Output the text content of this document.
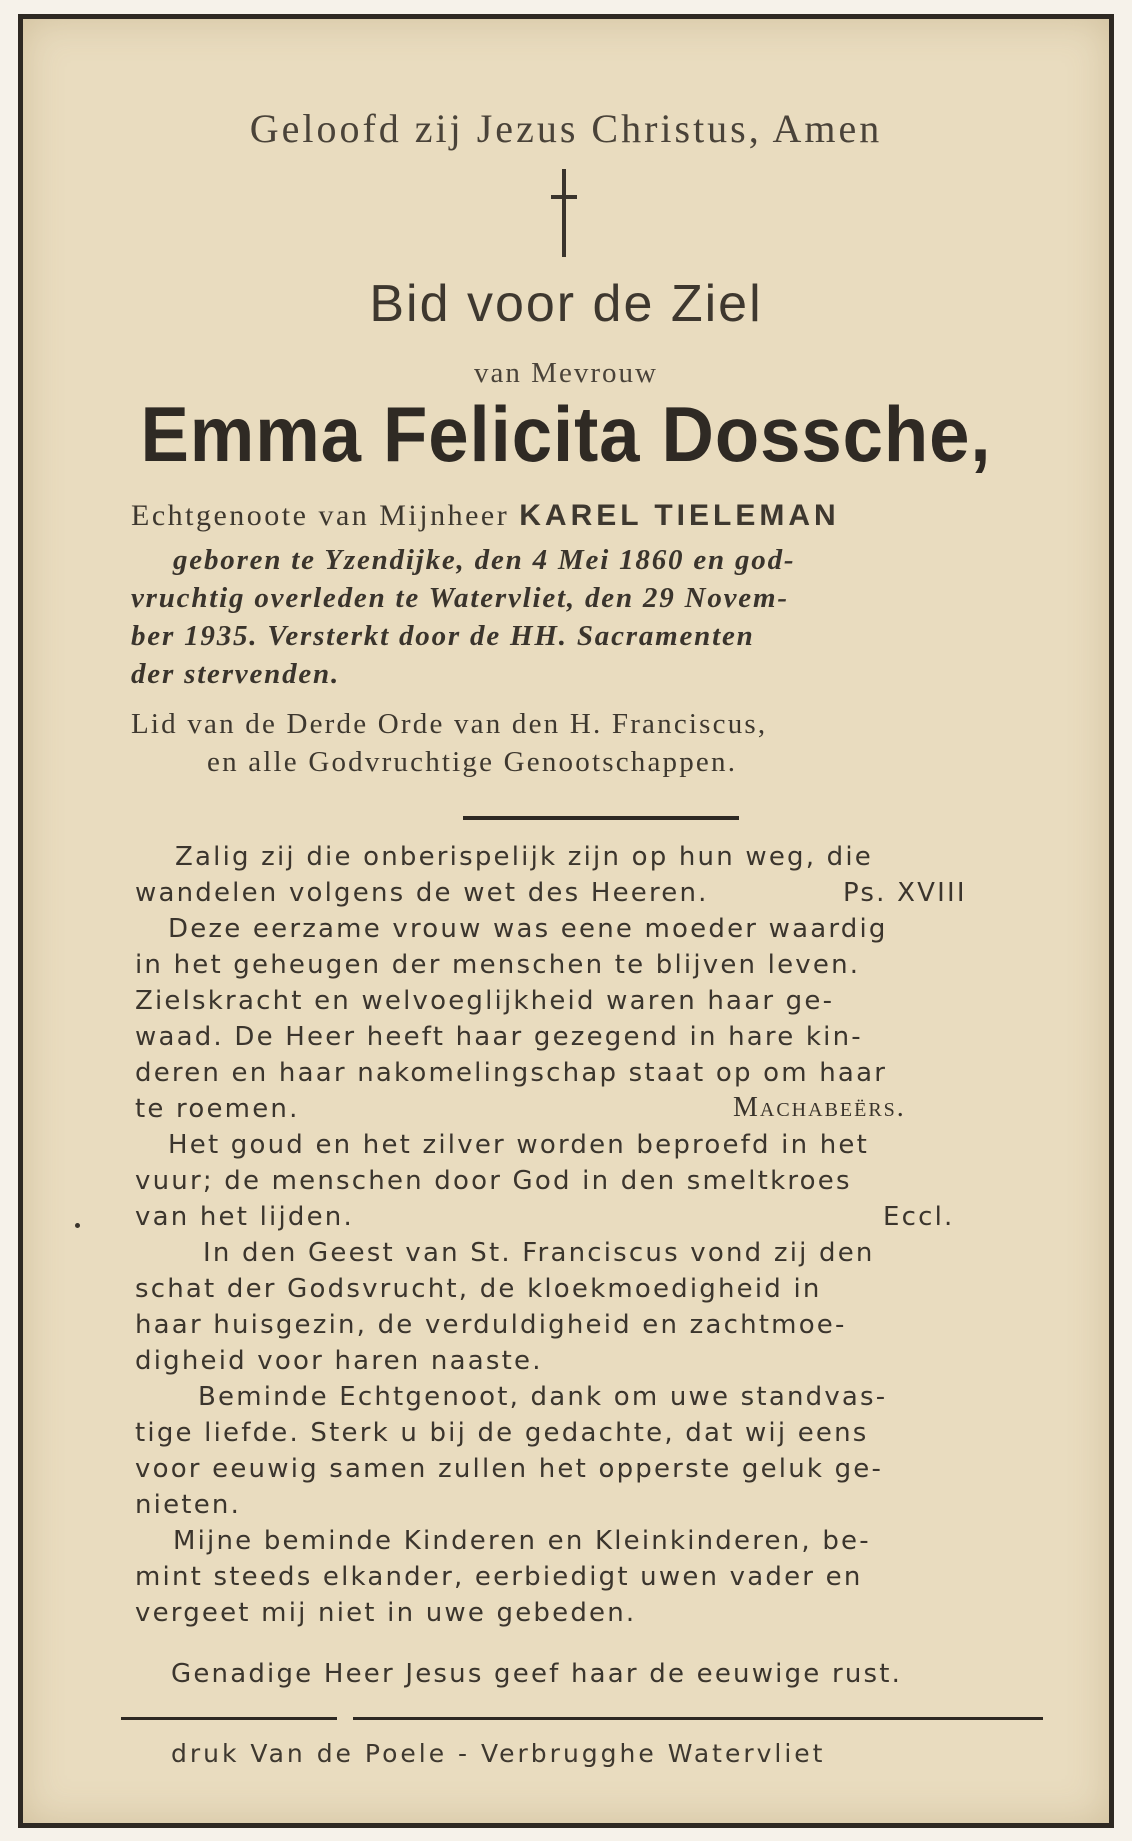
Geloofd zij Jezus Christus, Amen
Bid voor de Ziel
van Mevrouw
Emma Felicita Dossche,
Echtgenoote van Mijnheer KAREL TIELEMAN
geboren te Yzendijke, den 4 Mei 1860 en god-
vruchtig overleden te Watervliet, den 29 Novem-
ber 1935. Versterkt door de HH. Sacramenten
der stervenden.
Lid van de Derde Orde van den H. Franciscus,
en alle Godvruchtige Genootschappen.
Zalig zij die onberispelijk zijn op hun weg, die
wandelen volgens de wet des Heeren.	Ps. XVIII
Deze eerzame vrouw was eene moeder waardig
in het geheugen der menschen te blijven leven.
Zielskracht en welvoeglijkheid waren haar ge-
waad. De Heer heeft haar gezegend in hare kin-
deren en haar nakomelingschap staat op om haar
te roemen.	Machabeërs.
Het goud en het zilver worden beproefd in het
vuur; de menschen door God in den smeltkroes
van het lijden.	Eccl.
In den Geest van St. Franciscus vond zij den
schat der Godsvrucht, de kloekmoedigheid in
haar huisgezin, de verduldigheid en zachtmoe-
digheid voor haren naaste.
Beminde Echtgenoot, dank om uwe standvas-
tige liefde. Sterk u bij de gedachte, dat wij eens
voor eeuwig samen zullen het opperste geluk ge-
nieten.
Mijne beminde Kinderen en Kleinkinderen, be-
mint steeds elkander, eerbiedigt uwen vader en
vergeet mij niet in uwe gebeden.
Genadige Heer Jesus geef haar de eeuwige rust.
druk Van de Poele - Verbrugghe Watervliet
